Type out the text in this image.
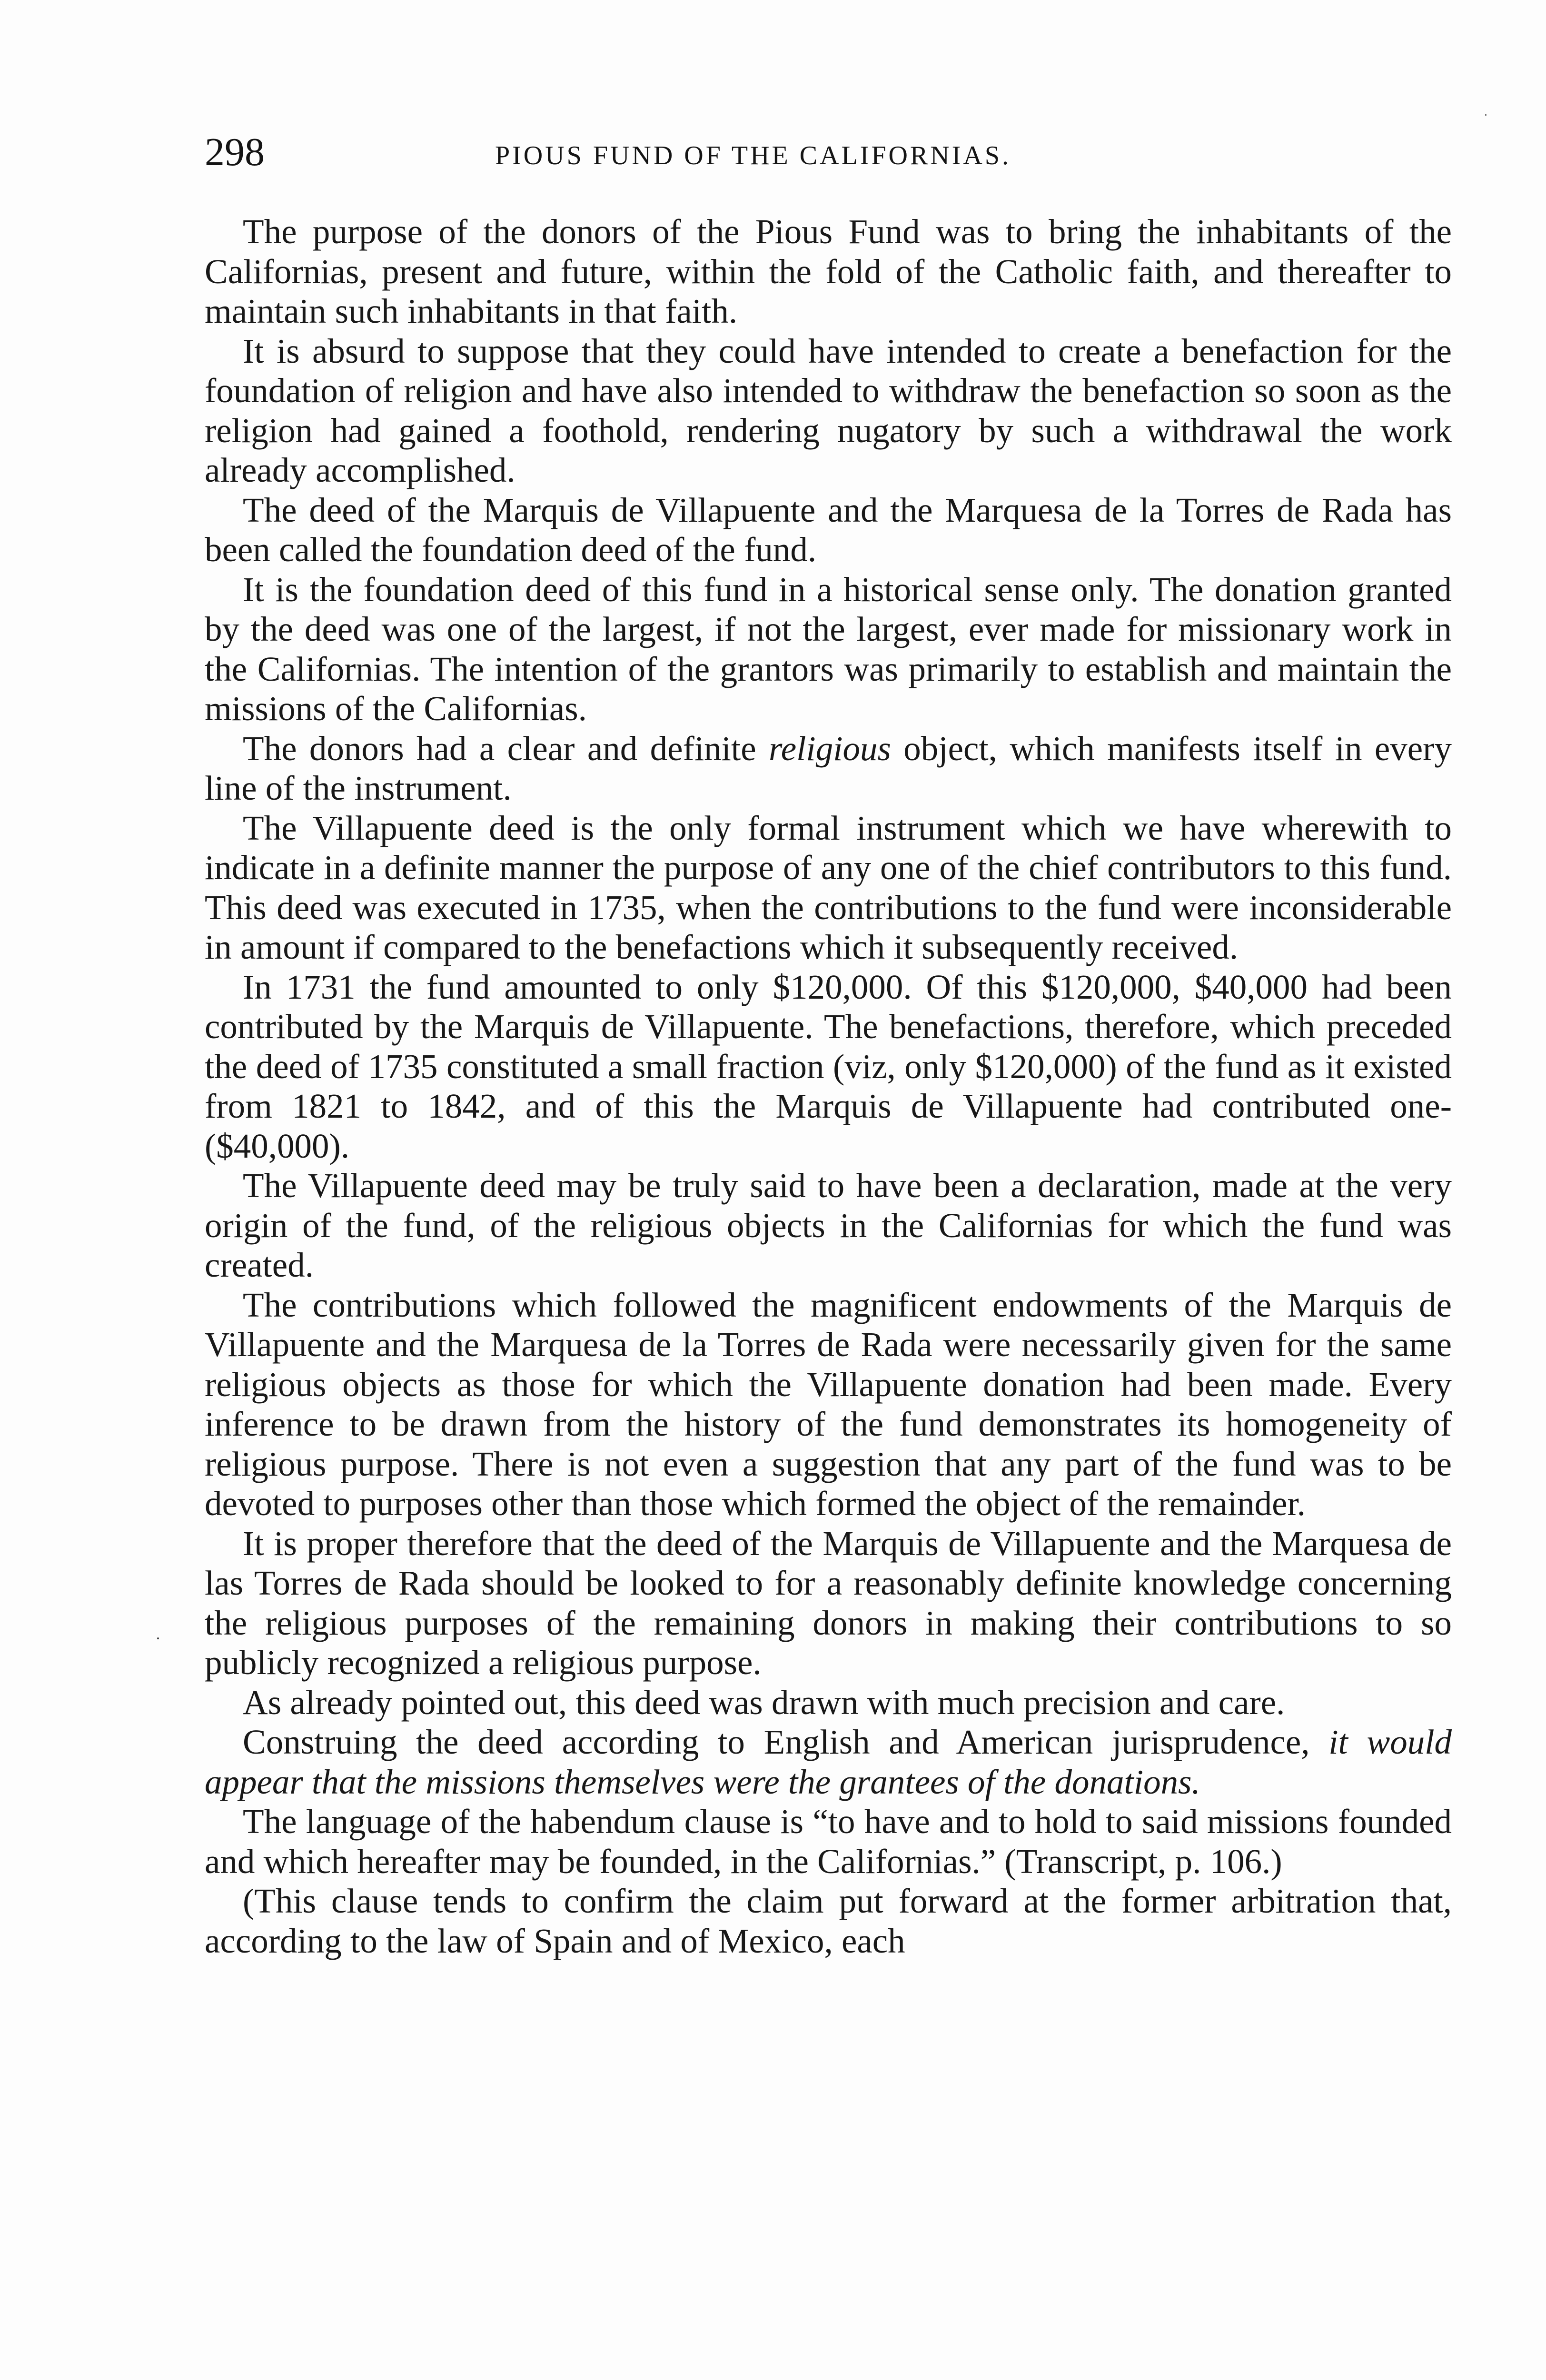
298	PIOUS FUND OF THE CALIFORNIAS.

The purpose of the donors of the Pious Fund was to bring the inhabitants of the Californias, present and future, within the fold of the Catholic faith, and thereafter to maintain such inhabitants in that faith.

It is absurd to suppose that they could have intended to create a benefaction for the foundation of religion and have also intended to withdraw the benefaction so soon as the religion had gained a foothold, rendering nugatory by such a withdrawal the work already accomplished.

The deed of the Marquis de Villapuente and the Marquesa de la Torres de Rada has been called the foundation deed of the fund.

It is the foundation deed of this fund in a historical sense only. The donation granted by the deed was one of the largest, if not the largest, ever made for missionary work in the Californias. The intention of the grantors was primarily to establish and maintain the missions of the Californias.

The donors had a clear and definite religious object, which manifests itself in every line of the instrument.

The Villapuente deed is the only formal instrument which we have wherewith to indicate in a definite manner the purpose of any one of the chief contributors to this fund. This deed was executed in 1735, when the contributions to the fund were inconsiderable in amount if compared to the benefactions which it subsequently received.

In 1731 the fund amounted to only $120,000. Of this $120,000, $40,000 had been contributed by the Marquis de Villapuente. The benefactions, therefore, which preceded the deed of 1735 constituted a small fraction (viz, only $120,000) of the fund as it existed from 1821 to 1842, and of this the Marquis de Villapuente had contributed one-($40,000).

The Villapuente deed may be truly said to have been a declaration, made at the very origin of the fund, of the religious objects in the Californias for which the fund was created.

The contributions which followed the magnificent endowments of the Marquis de Villapuente and the Marquesa de la Torres de Rada were necessarily given for the same religious objects as those for which the Villapuente donation had been made. Every inference to be drawn from the history of the fund demonstrates its homogeneity of religious purpose. There is not even a suggestion that any part of the fund was to be devoted to purposes other than those which formed the object of the remainder.

It is proper therefore that the deed of the Marquis de Villapuente and the Marquesa de las Torres de Rada should be looked to for a reasonably definite knowledge concerning the religious purposes of the remaining donors in making their contributions to so publicly recognized a religious purpose.

As already pointed out, this deed was drawn with much precision and care.

Construing the deed according to English and American jurisprudence, it would appear that the missions themselves were the grantees of the donations.

The language of the habendum clause is “to have and to hold to said missions founded and which hereafter may be founded, in the Californias.” (Transcript, p. 106.)

(This clause tends to confirm the claim put forward at the former arbitration that, according to the law of Spain and of Mexico, each
